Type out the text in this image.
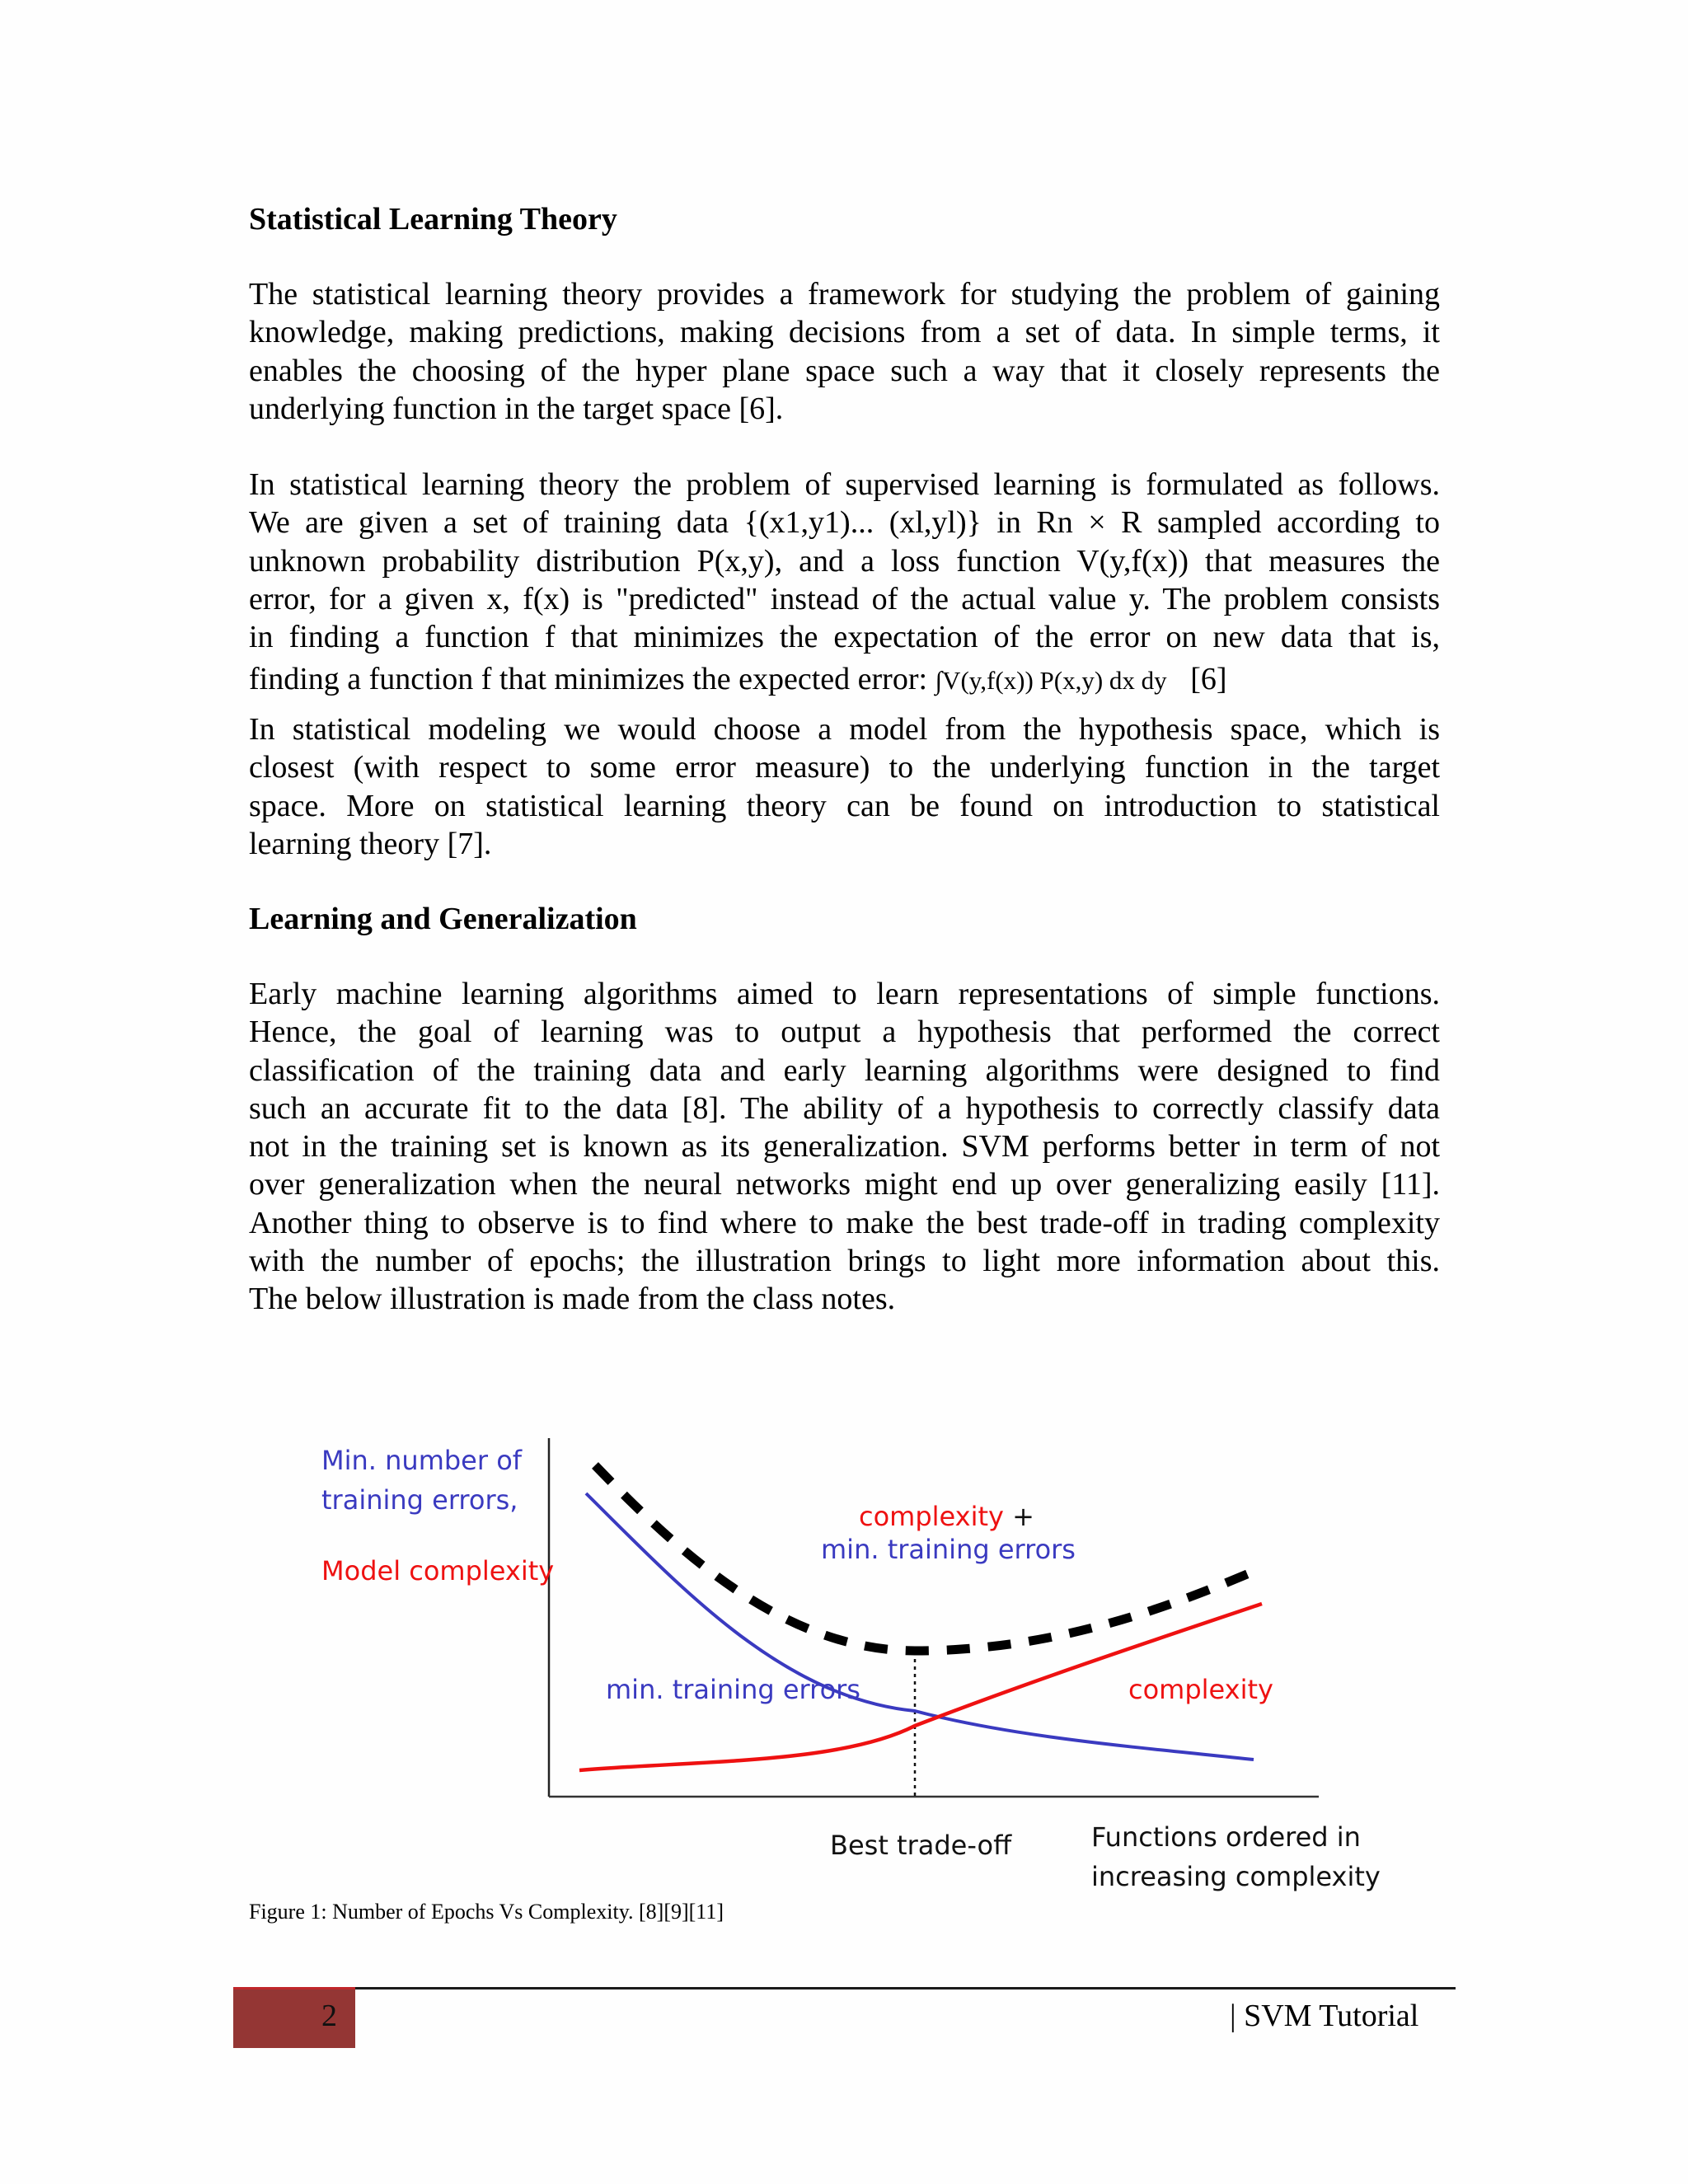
Statistical Learning Theory
The statistical learning theory provides a framework for studying the problem of gaining
knowledge, making predictions, making decisions from a set of data. In simple terms, it
enables the choosing of the hyper plane space such a way that it closely represents the
underlying function in the target space [6].
In statistical learning theory the problem of supervised learning is formulated as follows.
We are given a set of training data {(x1,y1)... (xl,yl)} in Rn × R sampled according to
unknown probability distribution P(x,y), and a loss function V(y,f(x)) that measures the
error, for a given x, f(x) is "predicted" instead of the actual value y. The problem consists
in finding a function f that minimizes the expectation of the error on new data that is,
finding a function f that minimizes the expected error: ∫V(y,f(x)) P(x,y) dx dy [6]
In statistical modeling we would choose a model from the hypothesis space, which is
closest (with respect to some error measure) to the underlying function in the target
space. More on statistical learning theory can be found on introduction to statistical
learning theory [7].
Learning and Generalization
Early machine learning algorithms aimed to learn representations of simple functions.
Hence, the goal of learning was to output a hypothesis that performed the correct
classification of the training data and early learning algorithms were designed to find
such an accurate fit to the data [8]. The ability of a hypothesis to correctly classify data
not in the training set is known as its generalization. SVM performs better in term of not
over generalization when the neural networks might end up over generalizing easily [11].
Another thing to observe is to find where to make the best trade-off in trading complexity
with the number of epochs; the illustration brings to light more information about this.
The below illustration is made from the class notes.
Min. number of
training errors,
Model complexity
complexity +
min. training errors
min. training errors	complexity
Best trade-off	Functions ordered in
increasing complexity
Figure 1: Number of Epochs Vs Complexity. [8][9][11]
2	| SVM Tutorial
